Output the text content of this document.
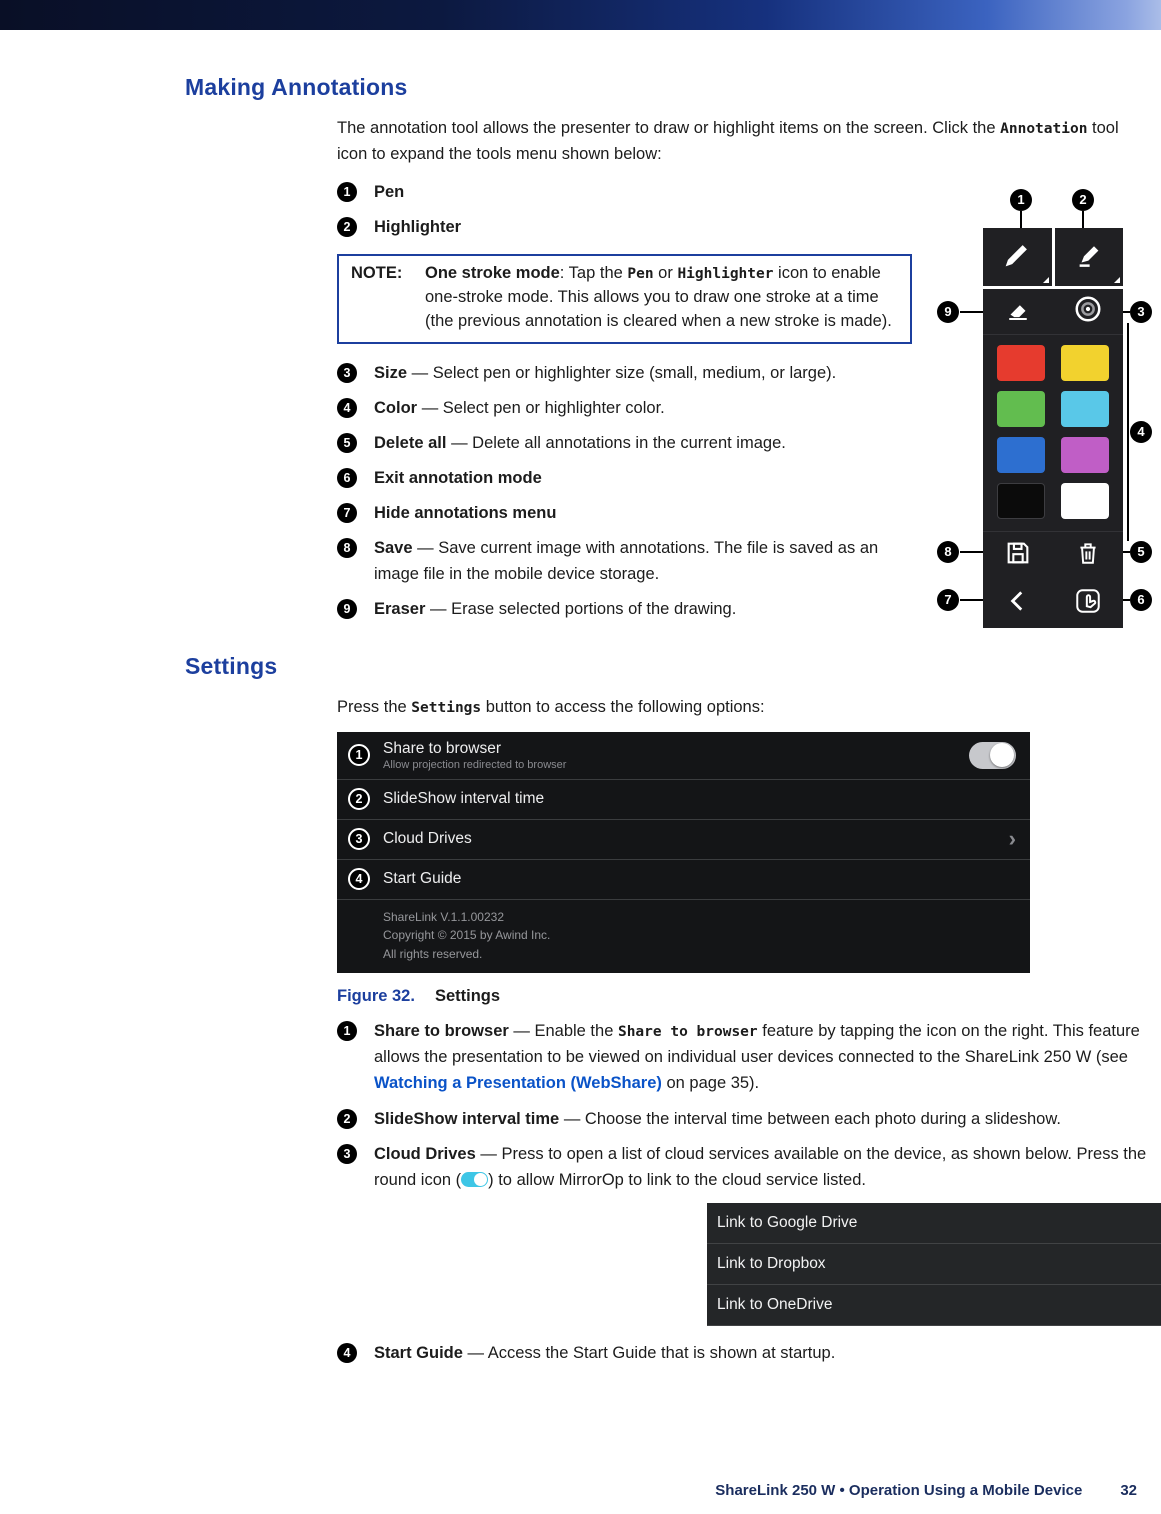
Making Annotations
The annotation tool allows the presenter to draw or highlight items on the screen. Click the Annotation tool icon to expand the tools menu shown below:
1	Pen
2	Highlighter
NOTE:	One stroke mode: Tap the Pen or Highlighter icon to enable one-stroke mode. This allows you to draw one stroke at a time (the previous annotation is cleared when a new stroke is made).
3	Size — Select pen or highlighter size (small, medium, or large).
4	Color — Select pen or highlighter color.
5	Delete all — Delete all annotations in the current image.
6	Exit annotation mode
7	Hide annotations menu
8	Save — Save current image with annotations. The file is saved as an image file in the mobile device storage.
9	Eraser — Erase selected portions of the drawing.
1	2
3
4
5
6
7
8
9
Settings
Press the Settings button to access the following options:
1	Share to browser
Allow projection redirected to browser
2	SlideShow interval time
3	Cloud Drives	›
4	Start Guide
ShareLink V.1.1.00232
Copyright © 2015 by Awind Inc.
All rights reserved.
Figure 32. Settings
1	Share to browser — Enable the Share to browser feature by tapping the icon on the right. This feature allows the presentation to be viewed on individual user devices connected to the ShareLink 250 W (see Watching a Presentation (WebShare) on page 35).
2	SlideShow interval time — Choose the interval time between each photo during a slideshow.
3	Cloud Drives — Press to open a list of cloud services available on the device, as shown below. Press the round icon ( ) to allow MirrorOp to link to the cloud service listed.
Link to Google Drive
Link to Dropbox
Link to OneDrive
4	Start Guide — Access the Start Guide that is shown at startup.
ShareLink 250 W • Operation Using a Mobile Device	32
